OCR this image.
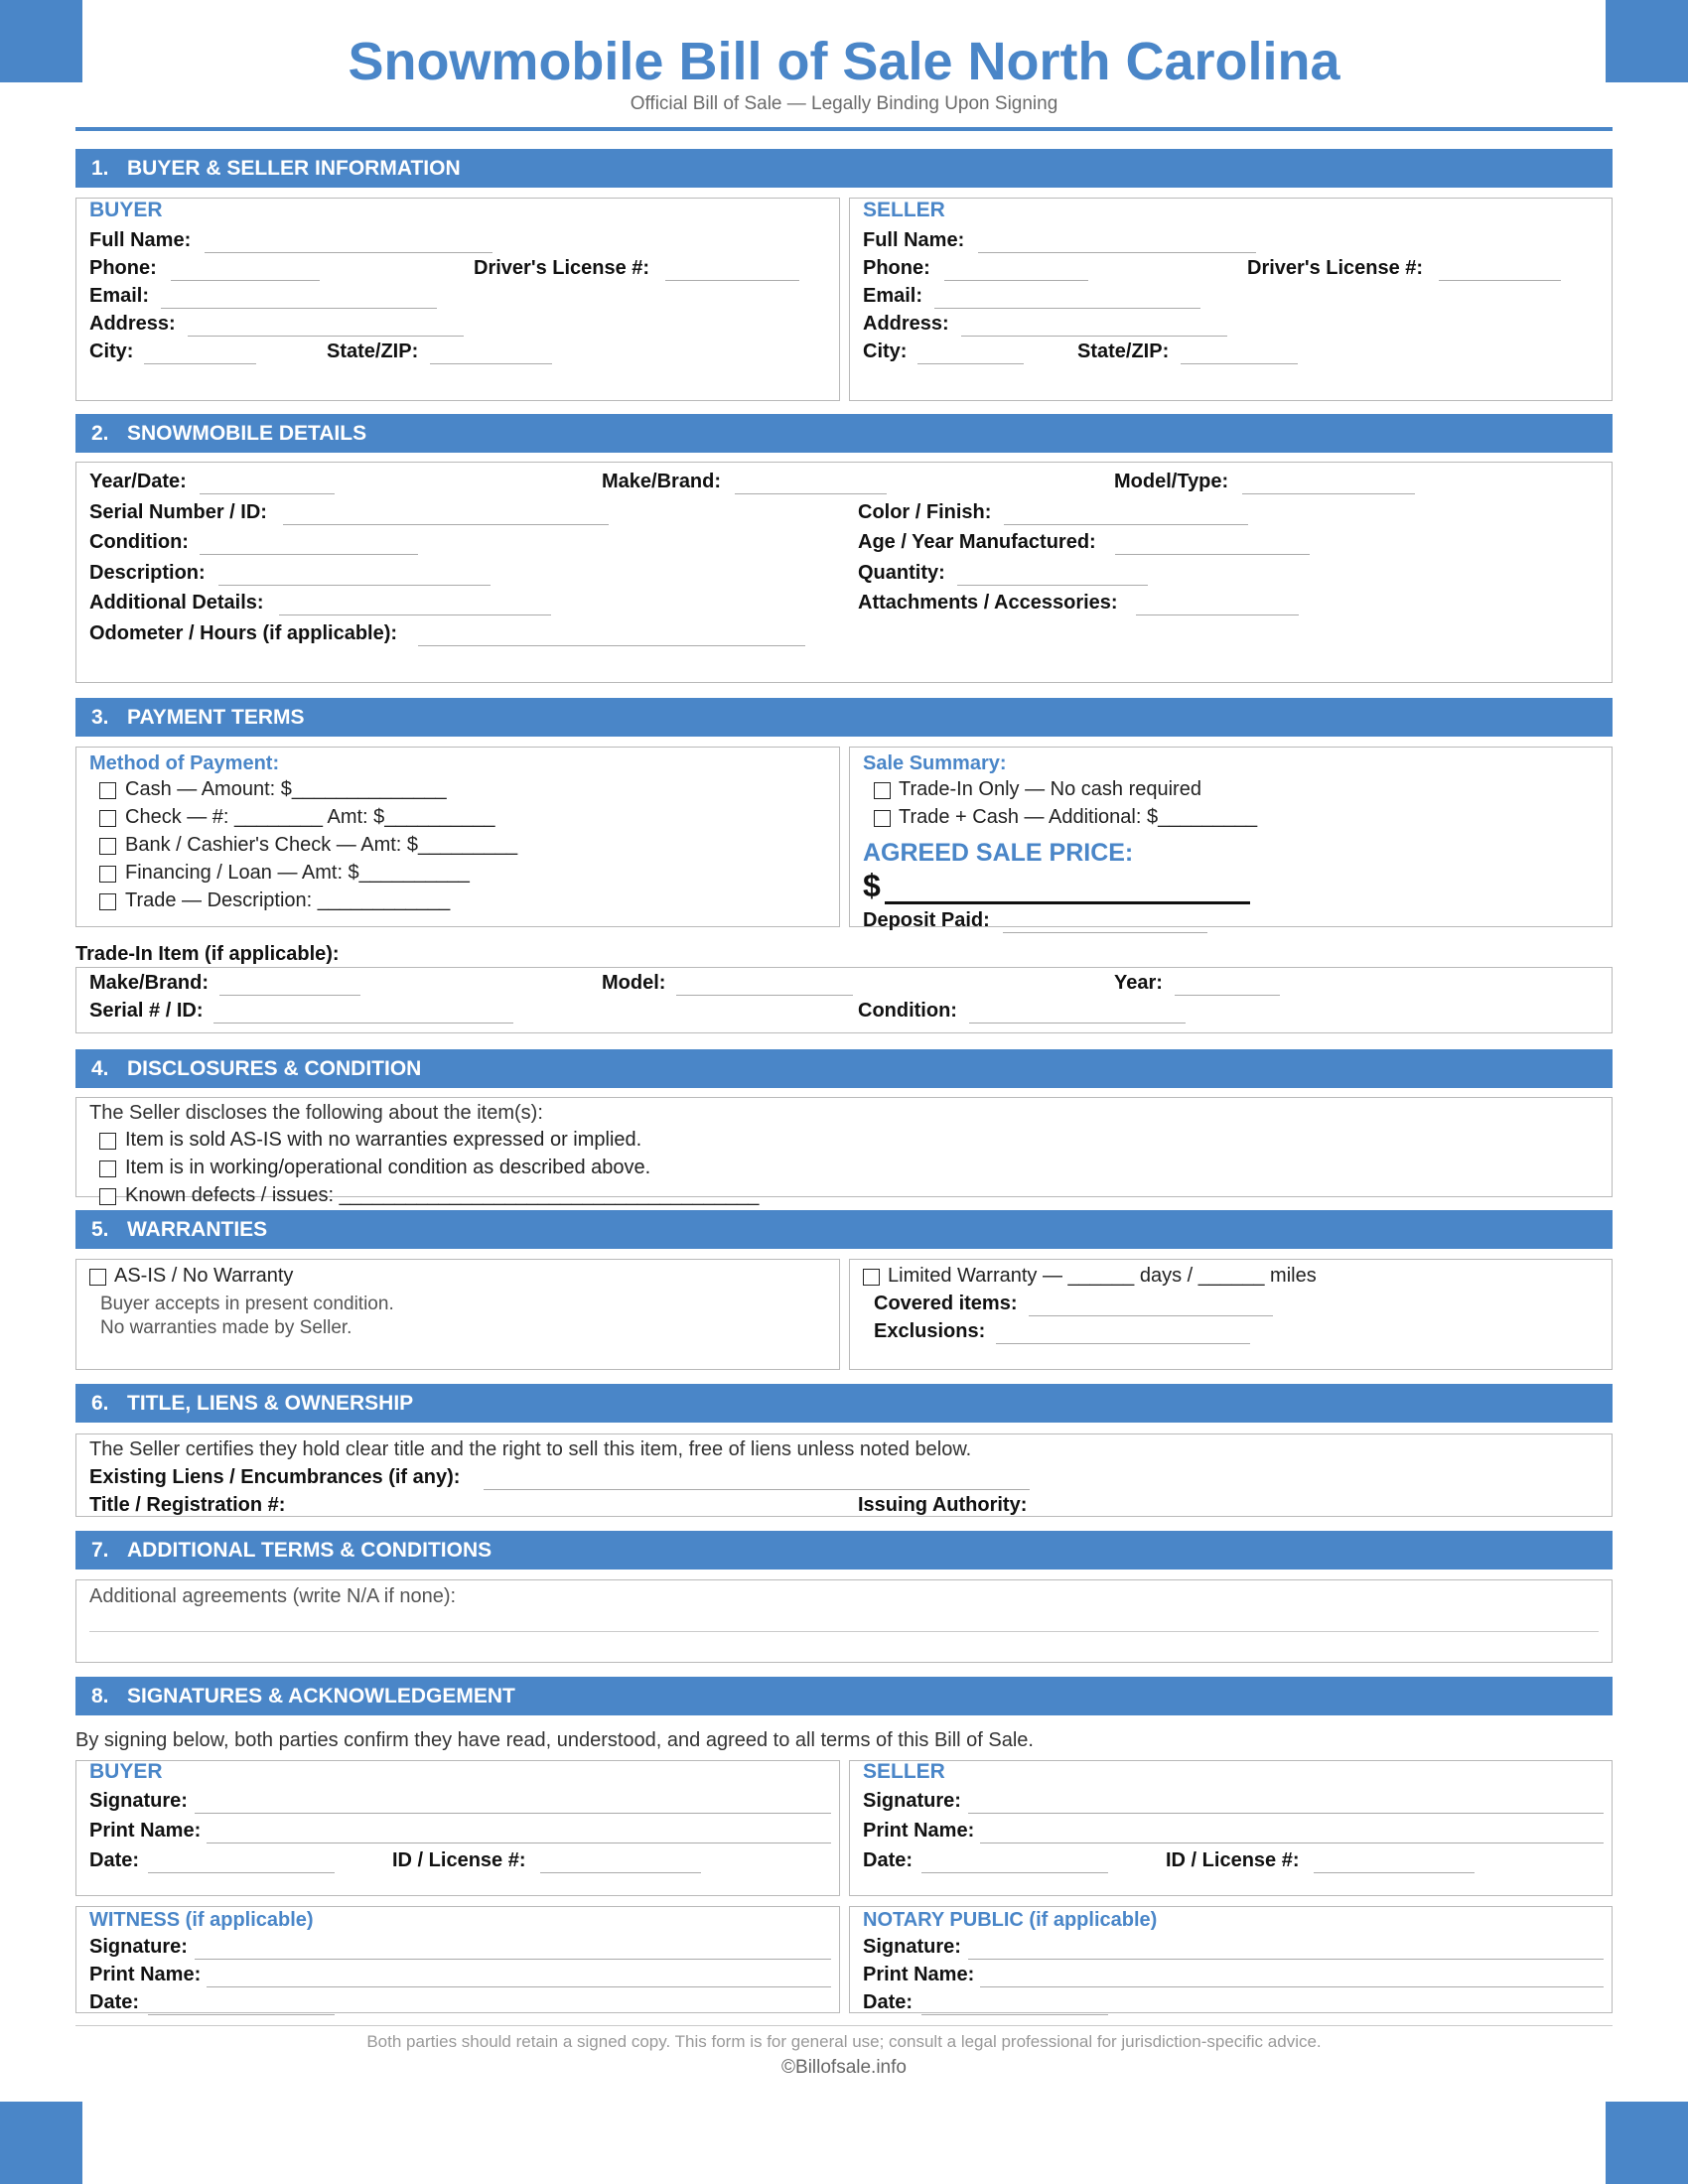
Snowmobile Bill of Sale North Carolina
Official Bill of Sale — Legally Binding Upon Signing
1. BUYER & SELLER INFORMATION
BUYER
Full Name:
Phone:	Driver's License #:
Email:
Address:
City:	State/ZIP:
SELLER
Full Name:
Phone:	Driver's License #:
Email:
Address:
City:	State/ZIP:
2. SNOWMOBILE DETAILS
Year/Date:	Make/Brand:	Model/Type:
Serial Number / ID:	Color / Finish:
Condition:	Age / Year Manufactured:
Description:	Quantity:
Additional Details:	Attachments / Accessories:
Odometer / Hours (if applicable):
3. PAYMENT TERMS
Method of Payment:
Cash — Amount: $______________
Check — #: ________ Amt: $__________
Bank / Cashier's Check — Amt: $_________
Financing / Loan — Amt: $__________
Trade — Description: ____________
Sale Summary:
Trade-In Only — No cash required
Trade + Cash — Additional: $_________
AGREED SALE PRICE:
$
Deposit Paid:
Trade-In Item (if applicable):
Make/Brand:	Model:	Year:
Serial # / ID:	Condition:
4. DISCLOSURES & CONDITION
The Seller discloses the following about the item(s):
Item is sold AS-IS with no warranties expressed or implied.
Item is in working/operational condition as described above.
Known defects / issues: ______________________________________
5. WARRANTIES
AS-IS / No Warranty
Buyer accepts in present condition.
No warranties made by Seller.
Limited Warranty — ______ days / ______ miles
Covered items:
Exclusions:
6. TITLE, LIENS & OWNERSHIP
The Seller certifies they hold clear title and the right to sell this item, free of liens unless noted below.
Existing Liens / Encumbrances (if any):
Title / Registration #:	Issuing Authority:
7. ADDITIONAL TERMS & CONDITIONS
Additional agreements (write N/A if none):
8. SIGNATURES & ACKNOWLEDGEMENT
By signing below, both parties confirm they have read, understood, and agreed to all terms of this Bill of Sale.
BUYER
Signature:
Print Name:
Date:	ID / License #:
SELLER
Signature:
Print Name:
Date:	ID / License #:
WITNESS (if applicable)
Signature:
Print Name:
Date:
NOTARY PUBLIC (if applicable)
Signature:
Print Name:
Date:
Both parties should retain a signed copy. This form is for general use; consult a legal professional for jurisdiction-specific advice.
©Billofsale.info
